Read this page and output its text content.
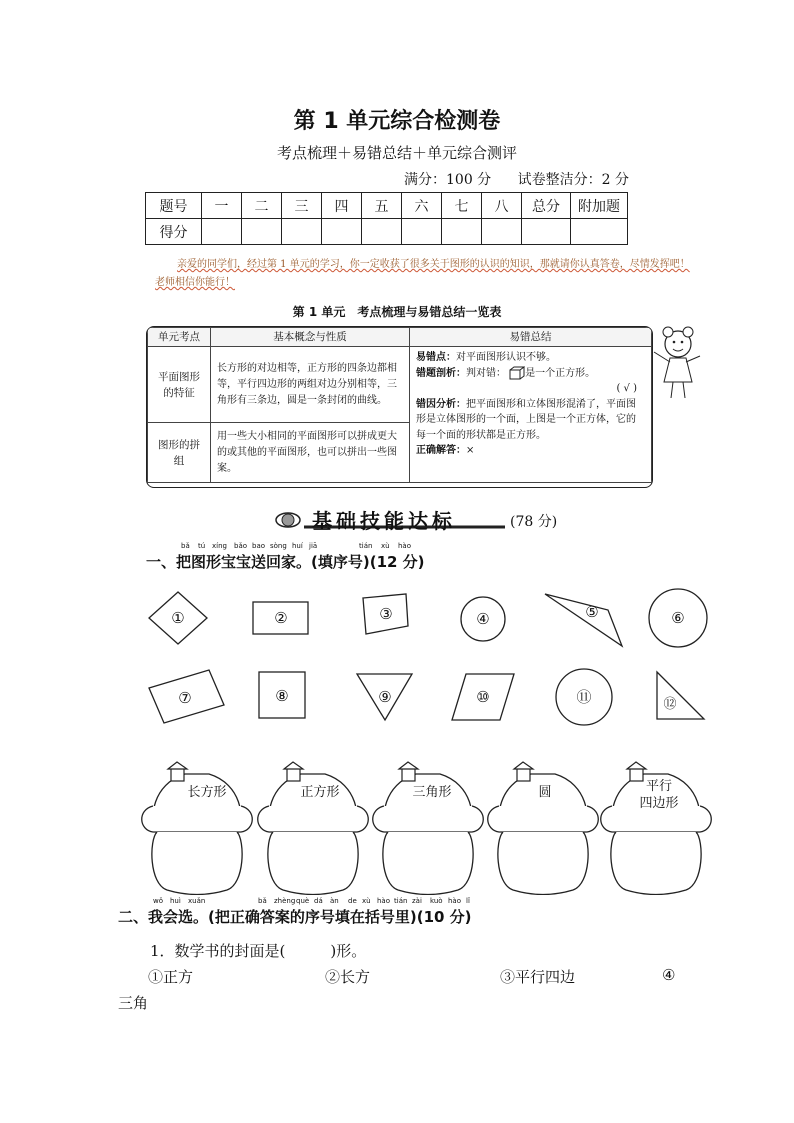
第 1 单元综合检测卷
考点梳理＋易错总结＋单元综合测评
满分：100 分 试卷整洁分：2 分
题号	一	二	三	四	五	六	七	八	总分	附加题
得分										
亲爱的同学们，经过第 1 单元的学习，你一定收获了很多关于图形的认识的知识，那就请你认真答卷，尽情发挥吧！老师相信你能行！
第 1 单元　考点梳理与易错总结一览表
单元考点	基本概念与性质	易错总结
平面图形的特征	长方形的对边相等，正方形的四条边都相等，平行四边形的两组对边分别相等，三角形有三条边，圆是一条封闭的曲线。	易错点：对平面图形认识不够。
错题剖析：判对错： 是一个正方形。
( √ )
错因分析：把平面图形和立体图形混淆了，平面图形是立体图形的一个面，上图是一个正方体，它的每一个面的形状都是正方形。
正确解答：×

图形的拼组	用一些大小相同的平面图形可以拼成更大的或其他的平面图形，也可以拼出一些图案。	
基础技能达标	(78 分)
一、把图形宝宝送回家。(填序号)(12 分)
bǎ tú xíng bǎo bao sòng huí jiā	tián xù hào
①	②	③	④	⑤	⑥
⑦	⑧	⑨	⑩	⑪	⑫
长方形	正方形	三角形	圆	平行
四边形
二、我会选。(把正确答案的序号填在括号里)(10 分)
wǒ huì xuǎn	bǎ zhèng què dá àn de xù hào tián zài kuò hào lǐ
1．数学书的封面是(　　　)形。
①正方	②长方	③平行四边	④
三角
